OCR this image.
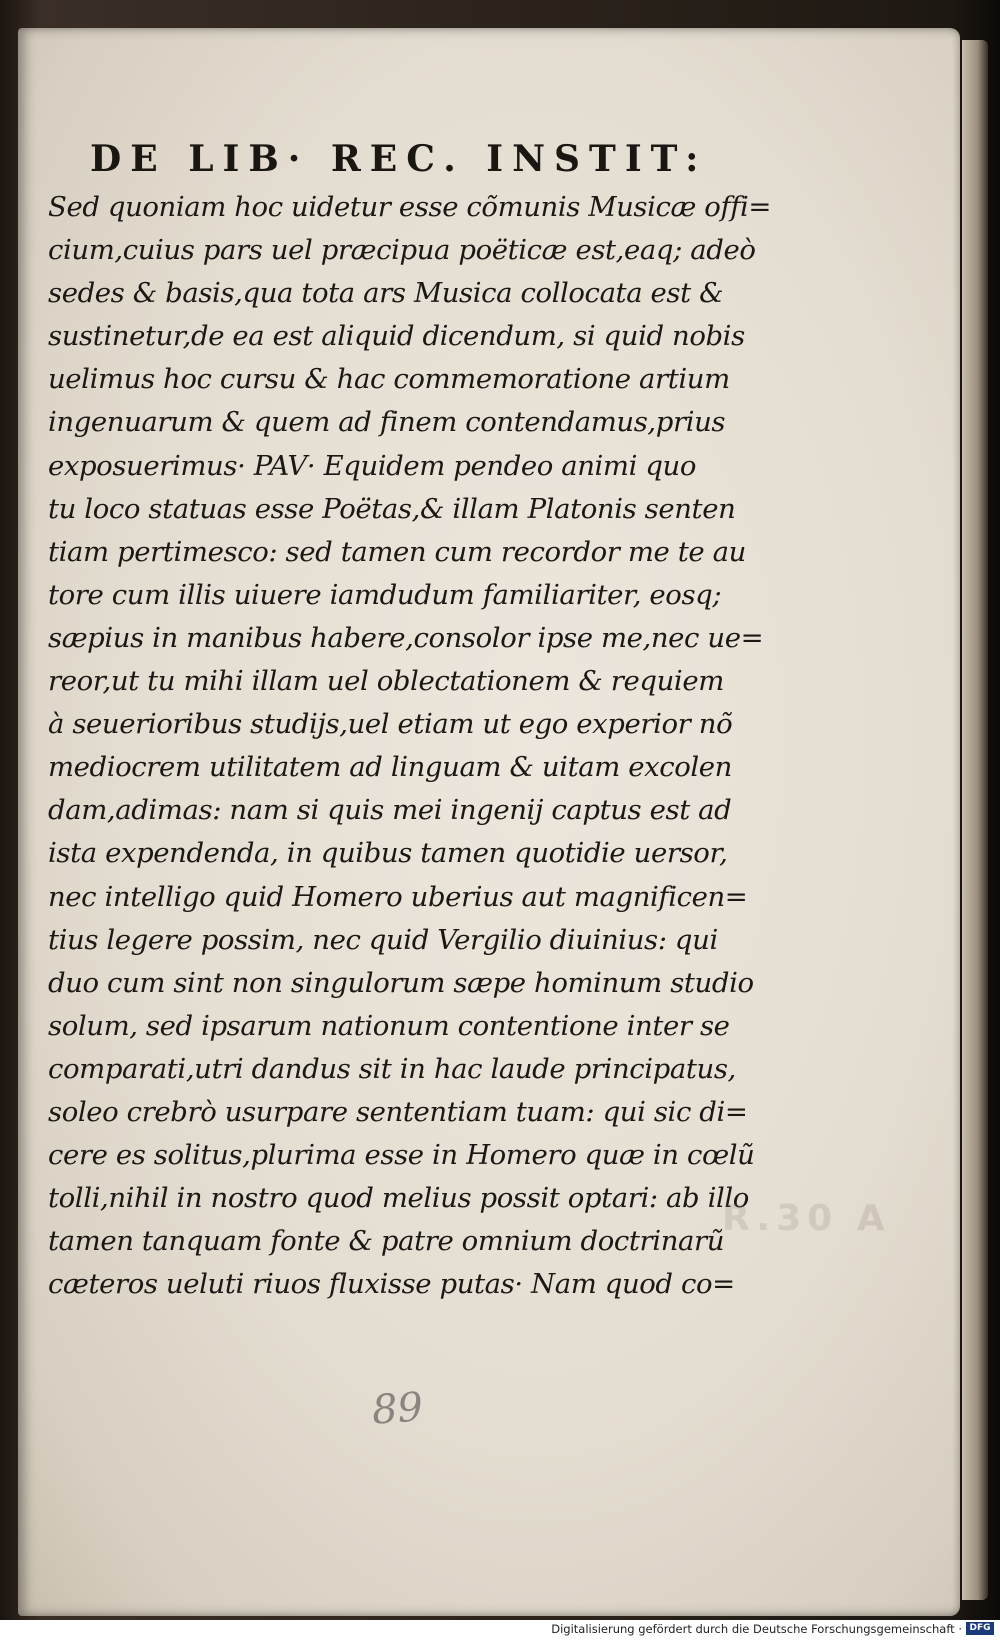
DE LIB· REC. INSTIT:
Sed quoniam hoc uidetur esse cõmunis Musicæ offi=
cium,cuius pars uel præcipua poëticæ est,eaq; adeò
sedes & basis,qua tota ars Musica collocata est &
sustinetur,de ea est aliquid dicendum, si quid nobis
uelimus hoc cursu & hac commemoratione artium
ingenuarum & quem ad finem contendamus,prius
exposuerimus· PAV· Equidem pendeo animi quo
tu loco statuas esse Poëtas,& illam Platonis senten
tiam pertimesco: sed tamen cum recordor me te au
tore cum illis uiuere iamdudum familiariter, eosq;
sæpius in manibus habere,consolor ipse me,nec ue=
reor,ut tu mihi illam uel oblectationem & requiem
à seuerioribus studijs,uel etiam ut ego experior nõ
mediocrem utilitatem ad linguam & uitam excolen
dam,adimas: nam si quis mei ingenij captus est ad
ista expendenda, in quibus tamen quotidie uersor,
nec intelligo quid Homero uberius aut magnificen=
tius legere possim, nec quid Vergilio diuinius: qui
duo cum sint non singulorum sæpe hominum studio
solum, sed ipsarum nationum contentione inter se
comparati,utri dandus sit in hac laude principatus,
soleo crebrò usurpare sententiam tuam: qui sic di=
cere es solitus,plurima esse in Homero quæ in cœlũ
tolli,nihil in nostro quod melius possit optari: ab illo
tamen tanquam fonte & patre omnium doctrinarũ
cæteros ueluti riuos fluxisse putas· Nam quod co=
R.30 A
89
Digitalisierung gefördert durch die Deutsche Forschungsgemeinschaft · DFG
